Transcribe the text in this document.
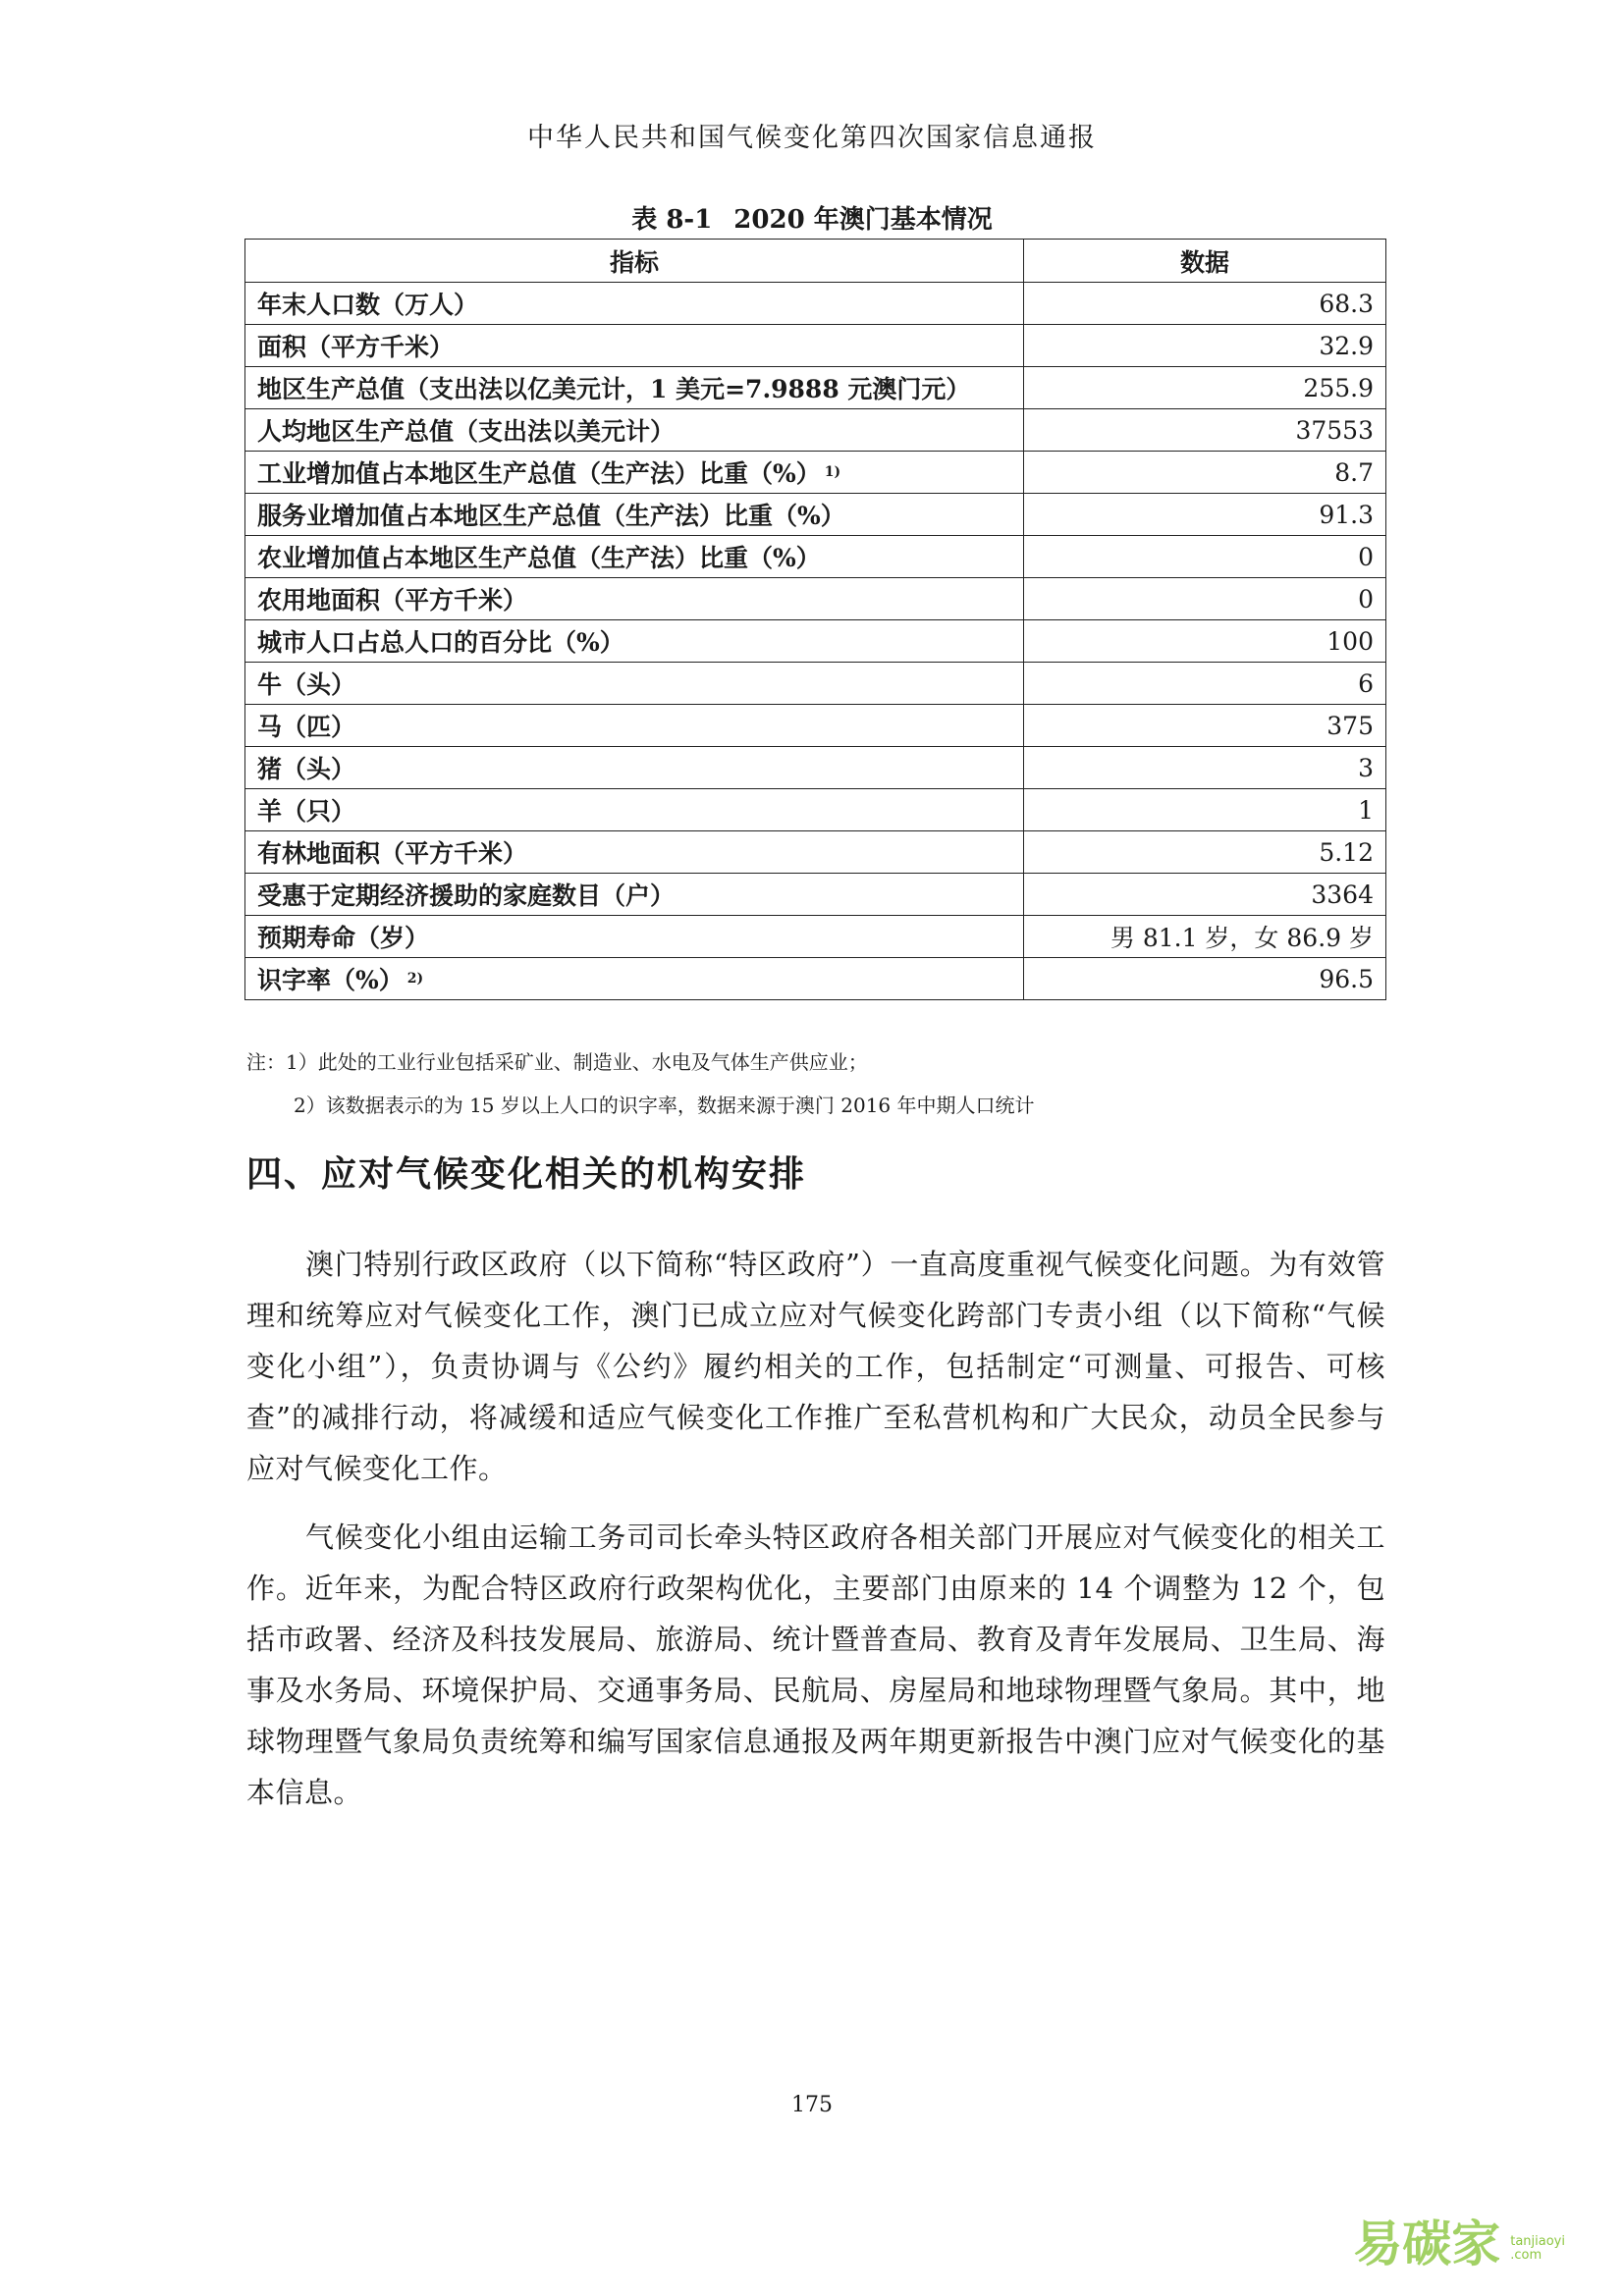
中华人民共和国气候变化第四次国家信息通报
表 8-1 2020 年澳门基本情况
指标	数据
年末人口数（万人）	68.3
面积（平方千米）	32.9
地区生产总值（支出法以亿美元计，1 美元=7.9888 元澳门元）	255.9
人均地区生产总值（支出法以美元计）	37553
工业增加值占本地区生产总值（生产法）比重（%） $^{1)}$	8.7
服务业增加值占本地区生产总值（生产法）比重（%）	91.3
农业增加值占本地区生产总值（生产法）比重（%）	0
农用地面积（平方千米）	0
城市人口占总人口的百分比（%）	100
牛（头）	6
马（匹）	375
猪（头）	3
羊（只）	1
有林地面积（平方千米）	5.12
受惠于定期经济援助的家庭数目（户）	3364
预期寿命（岁）	男 81.1 岁，女 86.9 岁
识字率（%） $^{2)}$	96.5
注：1）此处的工业行业包括采矿业、制造业、水电及气体生产供应业；
2）该数据表示的为 15 岁以上人口的识字率，数据来源于澳门 2016 年中期人口统计
四、应对气候变化相关的机构安排
澳门特别行政区政府（以下简称“特区政府”）一直高度重视气候变化问题。为有效管理和统筹应对气候变化工作，澳门已成立应对气候变化跨部门专责小组（以下简称“气候变化小组”），负责协调与《公约》履约相关的工作，包括制定“可测量、可报告、可核查”的减排行动，将减缓和适应气候变化工作推广至私营机构和广大民众，动员全民参与应对气候变化工作。
气候变化小组由运输工务司司长牵头特区政府各相关部门开展应对气候变化的相关工作。近年来，为配合特区政府行政架构优化，主要部门由原来的 14 个调整为 12 个，包括市政署、经济及科技发展局、旅游局、统计暨普查局、教育及青年发展局、卫生局、海事及水务局、环境保护局、交通事务局、民航局、房屋局和地球物理暨气象局。其中，地球物理暨气象局负责统筹和编写国家信息通报及两年期更新报告中澳门应对气候变化的基本信息。
175
易碳家 tanjiaoyi
.com
